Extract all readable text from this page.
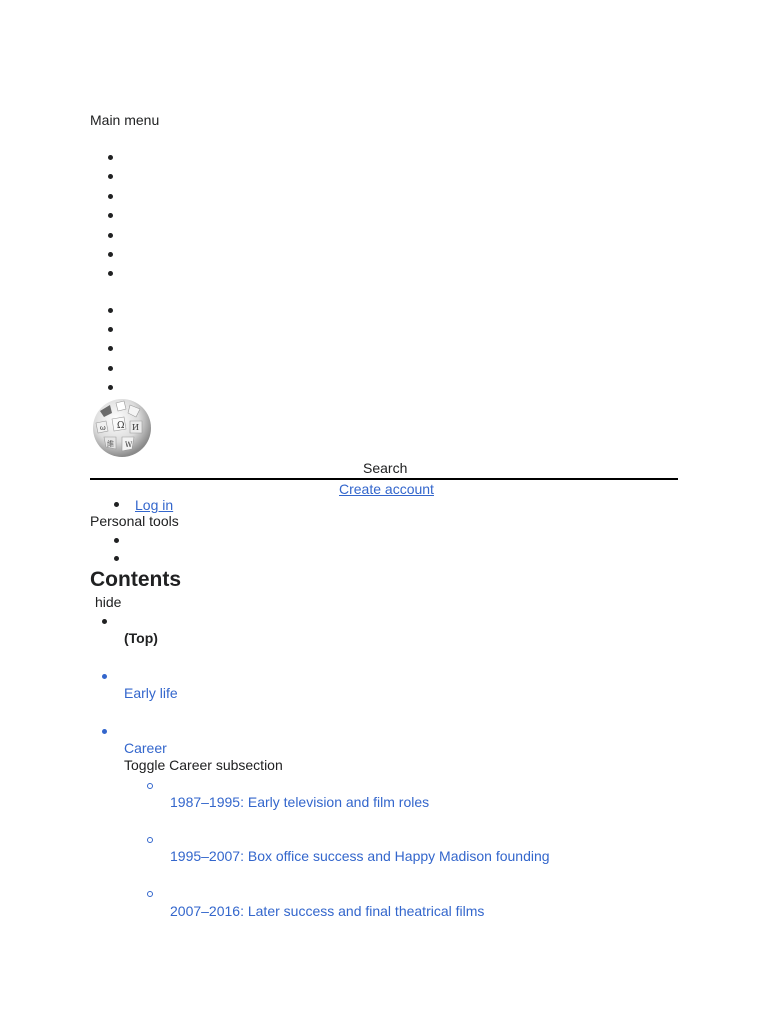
Main menu
Ω И
維 W
ω
Search
Create account
Log in
Personal tools
Contents
hide
(Top)
Early life
Career
Toggle Career subsection
1987–1995: Early television and film roles
1995–2007: Box office success and Happy Madison founding
2007–2016: Later success and final theatrical films
